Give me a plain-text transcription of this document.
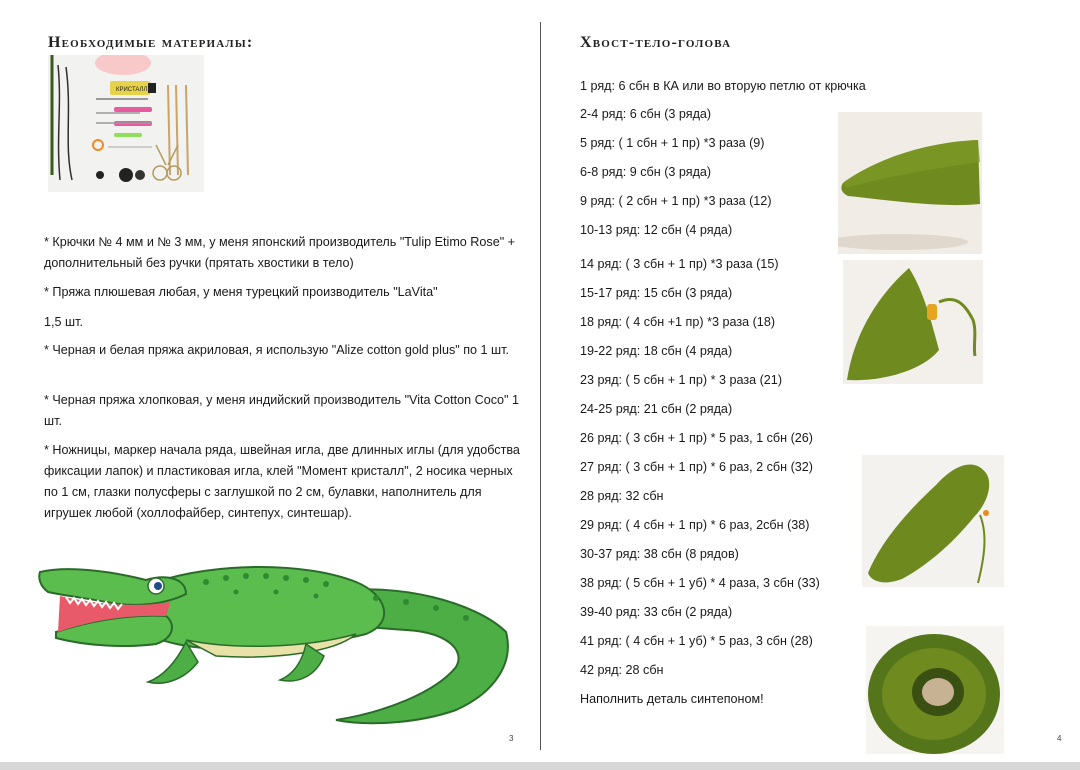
Необходимые материалы:
КРИСТАЛЛ
* Крючки № 4 мм и № 3 мм, у меня японский производитель "Tulip Etimo Rose" + дополнительный без ручки (прятать хвостики в тело)
* Пряжа плюшевая любая, у меня турецкий производитель "LaVita"
1,5 шт.
* Черная и белая пряжа акриловая, я использую "Alize cotton gold plus" по 1 шт.
* Черная пряжа хлопковая, у меня индийский производитель "Vita Cotton Coco" 1 шт.
* Ножницы, маркер начала ряда, швейная игла, две длинных иглы (для удобства фиксации лапок) и пластиковая игла, клей "Момент кристалл", 2 носика черных по 1 см, глазки полусферы с заглушкой по 2 см, булавки, наполнитель для игрушек любой (холлофайбер, синтепух, синтешар).
3
Хвост-тело-голова
1 ряд: 6 сбн в КА или во вторую петлю от крючка
2-4 ряд: 6 сбн (3 ряда)
5 ряд: ( 1 сбн + 1 пр) *3 раза (9)
6-8 ряд: 9 сбн (3 ряда)
9 ряд: ( 2 сбн + 1 пр) *3 раза (12)
10-13 ряд: 12 сбн (4 ряда)
14 ряд: ( 3 сбн + 1 пр) *3 раза (15)
15-17 ряд: 15 сбн (3 ряда)
18 ряд: ( 4 сбн +1 пр) *3 раза (18)
19-22 ряд: 18 сбн (4 ряда)
23 ряд: ( 5 сбн + 1 пр) * 3 раза (21)
24-25 ряд: 21 сбн (2 ряда)
26 ряд: ( 3 сбн + 1 пр) * 5 раз, 1 сбн (26)
27 ряд: ( 3 сбн + 1 пр) * 6 раз, 2 сбн (32)
28 ряд: 32 сбн
29 ряд: ( 4 сбн + 1 пр) * 6 раз, 2сбн (38)
30-37 ряд: 38 сбн (8 рядов)
38 ряд: ( 5 сбн + 1 уб) * 4 раза, 3 сбн (33)
39-40 ряд: 33 сбн (2 ряда)
41 ряд: ( 4 сбн + 1 уб) * 5 раз, 3 сбн (28)
42 ряд: 28 сбн
Наполнить деталь синтепоном!
4
